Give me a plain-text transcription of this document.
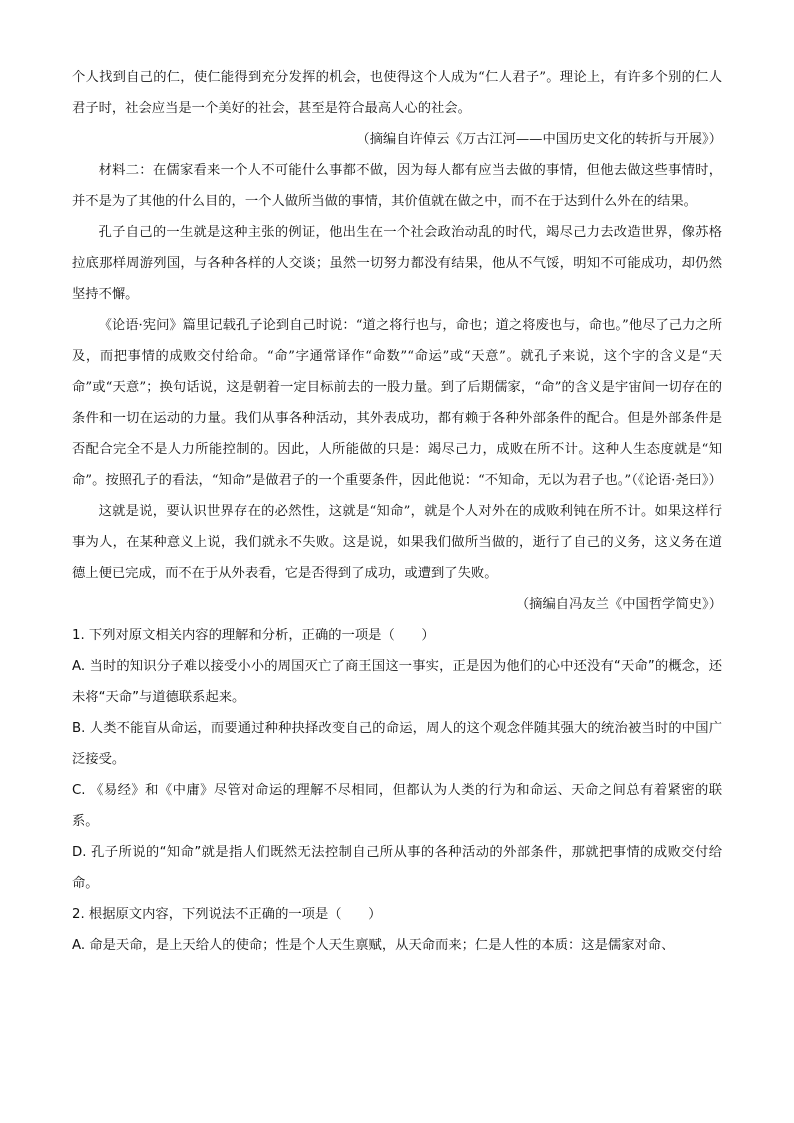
个人找到自己的仁，使仁能得到充分发挥的机会，也使得这个人成为“仁人君子”。理论上，有许多个别的仁人君子时，社会应当是一个美好的社会，甚至是符合最高人心的社会。

（摘编自许倬云《万古江河——中国历史文化的转折与开展》）

材料二：在儒家看来一个人不可能什么事都不做，因为每人都有应当去做的事情，但他去做这些事情时，并不是为了其他的什么目的，一个人做所当做的事情，其价值就在做之中，而不在于达到什么外在的结果。

孔子自己的一生就是这种主张的例证，他出生在一个社会政治动乱的时代，竭尽己力去改造世界，像苏格拉底那样周游列国，与各种各样的人交谈；虽然一切努力都没有结果，他从不气馁，明知不可能成功，却仍然坚持不懈。

《论语·宪问》篇里记载孔子论到自己时说：“道之将行也与，命也；道之将废也与，命也。”他尽了己力之所及，而把事情的成败交付给命。“命”字通常译作“命数”“命运”或“天意”。就孔子来说，这个字的含义是“天命”或“天意”；换句话说，这是朝着一定目标前去的一股力量。到了后期儒家，“命”的含义是宇宙间一切存在的条件和一切在运动的力量。我们从事各种活动，其外表成功，都有赖于各种外部条件的配合。但是外部条件是否配合完全不是人力所能控制的。因此，人所能做的只是：竭尽己力，成败在所不计。这种人生态度就是“知命”。按照孔子的看法，“知命”是做君子的一个重要条件，因此他说：“不知命，无以为君子也。”（《论语·尧曰》）

这就是说，要认识世界存在的必然性，这就是“知命”，就是个人对外在的成败利钝在所不计。如果这样行事为人，在某种意义上说，我们就永不失败。这是说，如果我们做所当做的，逝行了自己的义务，这义务在道德上便已完成，而不在于从外表看，它是否得到了成功，或遭到了失败。

（摘编自冯友兰《中国哲学简史》）

1. 下列对原文相关内容的理解和分析，正确的一项是（　　）

A. 当时的知识分子难以接受小小的周国灭亡了商王国这一事实，正是因为他们的心中还没有“天命”的概念，还未将“天命”与道德联系起来。

B. 人类不能盲从命运，而要通过种种抉择改变自己的命运，周人的这个观念伴随其强大的统治被当时的中国广泛接受。

C. 《易经》和《中庸》尽管对命运的理解不尽相同，但都认为人类的行为和命运、天命之间总有着紧密的联系。

D. 孔子所说的“知命”就是指人们既然无法控制自己所从事的各种活动的外部条件，那就把事情的成败交付给命。

2. 根据原文内容，下列说法不正确的一项是（　　）

A. 命是天命，是上天给人的使命；性是个人天生禀赋，从天命而来；仁是人性的本质：这是儒家对命、
